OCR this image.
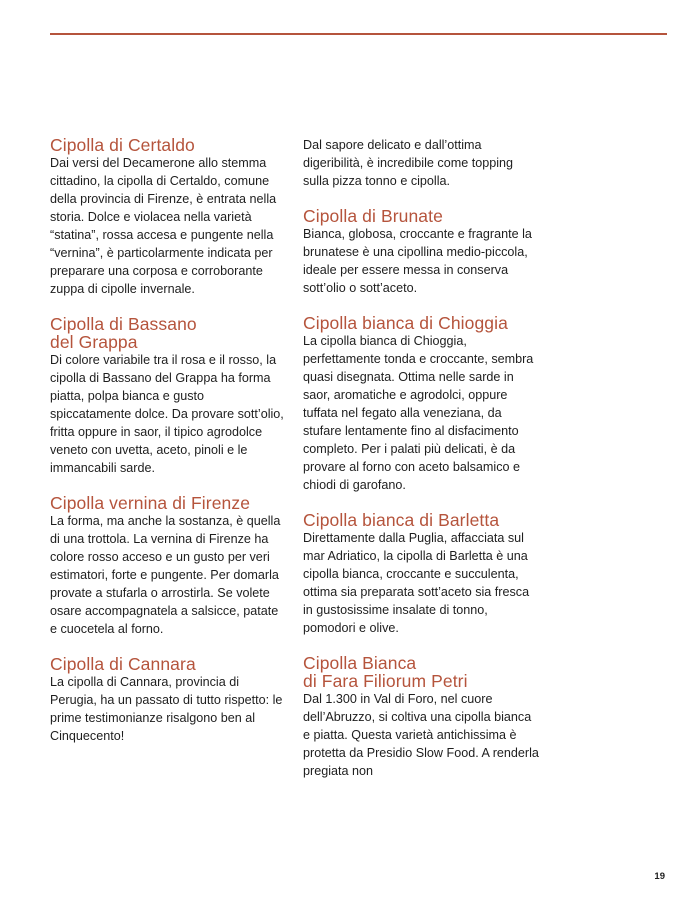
Cipolla di Certaldo

Dai versi del Decamerone allo stemma cittadino, la cipolla di Certaldo, comune della provincia di Firenze, è entrata nella storia. Dolce e violacea nella varietà “statina”, rossa accesa e pungente nella “vernina”, è particolarmente indicata per preparare una corposa e corroborante zuppa di cipolle invernale.

Cipolla di Bassano
del Grappa

Di colore variabile tra il rosa e il rosso, la cipolla di Bassano del Grappa ha forma piatta, polpa bianca e gusto spiccatamente dolce. Da provare sott’olio, fritta oppure in saor, il tipico agrodolce veneto con uvetta, aceto, pinoli e le immancabili sarde.

Cipolla vernina di Firenze

La forma, ma anche la sostanza, è quella di una trottola. La vernina di Firenze ha colore rosso acceso e un gusto per veri estimatori, forte e pungente. Per domarla provate a stufarla o arrostirla. Se volete osare accompagnatela a salsicce, patate e cuocetela al forno.

Cipolla di Cannara

La cipolla di Cannara, provincia di Perugia, ha un passato di tutto rispetto: le prime testimonianze risalgono ben al Cinquecento!

Dal sapore delicato e dall’ottima digeribilità, è incredibile come topping sulla pizza tonno e cipolla.

Cipolla di Brunate

Bianca, globosa, croccante e fragrante la brunatese è una cipollina medio-piccola, ideale per essere messa in conserva sott’olio o sott’aceto.

Cipolla bianca di Chioggia

La cipolla bianca di Chioggia, perfettamente tonda e croccante, sembra quasi disegnata. Ottima nelle sarde in saor, aromatiche e agrodolci, oppure tuffata nel fegato alla veneziana, da stufare lentamente fino al disfacimento completo. Per i palati più delicati, è da provare al forno con aceto balsamico e chiodi di garofano.

Cipolla bianca di Barletta

Direttamente dalla Puglia, affacciata sul mar Adriatico, la cipolla di Barletta è una cipolla bianca, croccante e succulenta, ottima sia preparata sott’aceto sia fresca in gustosissime insalate di tonno, pomodori e olive.

Cipolla Bianca
di Fara Filiorum Petri

Dal 1.300 in Val di Foro, nel cuore dell’Abruzzo, si coltiva una cipolla bianca e piatta. Questa varietà antichissima è protetta da Presidio Slow Food. A renderla pregiata non

19
